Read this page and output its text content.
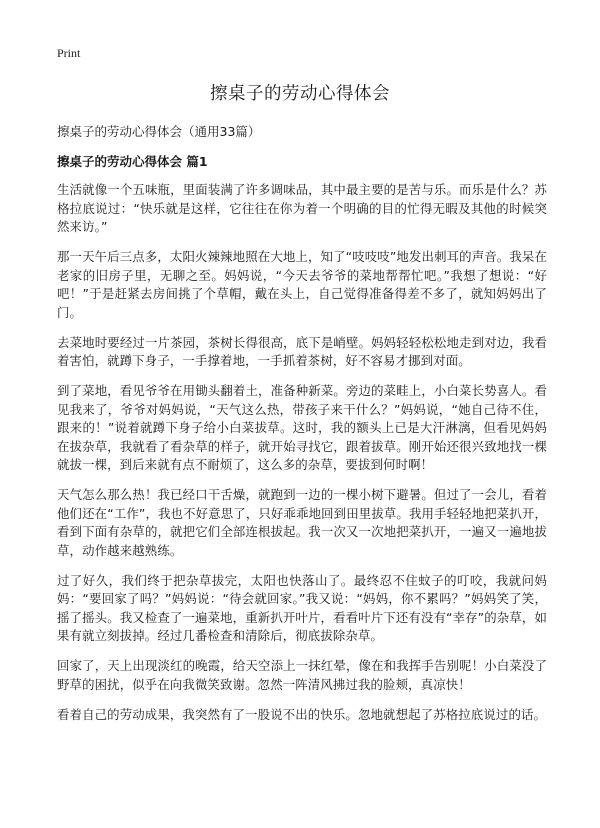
Print
擦桌子的劳动心得体会

擦桌子的劳动心得体会（通用33篇）

擦桌子的劳动心得体会 篇1

生活就像一个五味瓶，里面装满了许多调味品，其中最主要的是苦与乐。而乐是什么？苏格拉底说过：“快乐就是这样，它往往在你为着一个明确的目的忙得无暇及其他的时候突然来访。”

那一天午后三点多，太阳火辣辣地照在大地上，知了“吱吱吱”地发出刺耳的声音。我呆在老家的旧房子里，无聊之至。妈妈说，“今天去爷爷的菜地帮帮忙吧。”我想了想说：“好吧！”于是赶紧去房间挑了个草帽，戴在头上，自己觉得准备得差不多了，就知妈妈出了门。

去菜地时要经过一片茶园，茶树长得很高，底下是峭壁。妈妈轻轻松松地走到对边，我看着害怕，就蹲下身子，一手撑着地，一手抓着茶树，好不容易才挪到对面。

到了菜地，看见爷爷在用锄头翻着土，准备种新菜。旁边的菜畦上，小白菜长势喜人。看见我来了，爷爷对妈妈说，“天气这么热，带孩子来干什么？”妈妈说，“她自己待不住，跟来的！”说着就蹲下身子给小白菜拔草。这时，我的额头上已是大汗淋漓，但看见妈妈在拔杂草，我就看了看杂草的样子，就开始寻找它，跟着拔草。刚开始还很兴致地找一棵就拔一棵，到后来就有点不耐烦了，这么多的杂草，要拔到何时啊！

天气怎么那么热！我已经口干舌燥，就跑到一边的一棵小树下避暑。但过了一会儿，看着他们还在“工作”，我也不好意思了，只好乖乖地回到田里拔草。我用手轻轻地把菜扒开，看到下面有杂草的，就把它们全部连根拔起。我一次又一次地把菜扒开，一遍又一遍地拔草，动作越来越熟练。

过了好久，我们终于把杂草拔完，太阳也快落山了。最终忍不住蚊子的叮咬，我就问妈妈：“要回家了吗？”妈妈说：“待会就回家。”我又说：“妈妈，你不累吗？”妈妈笑了笑，摇了摇头。我又检查了一遍菜地，重新扒开叶片，看看叶片下还有没有“幸存”的杂草，如果有就立刻拔掉。经过几番检查和清除后，彻底拔除杂草。

回家了，天上出现淡红的晚霞，给天空添上一抹红晕，像在和我挥手告别呢！小白菜没了野草的困扰，似乎在向我微笑致谢。忽然一阵清风拂过我的脸颊，真凉快！

看着自己的劳动成果，我突然有了一股说不出的快乐。忽地就想起了苏格拉底说过的话。
